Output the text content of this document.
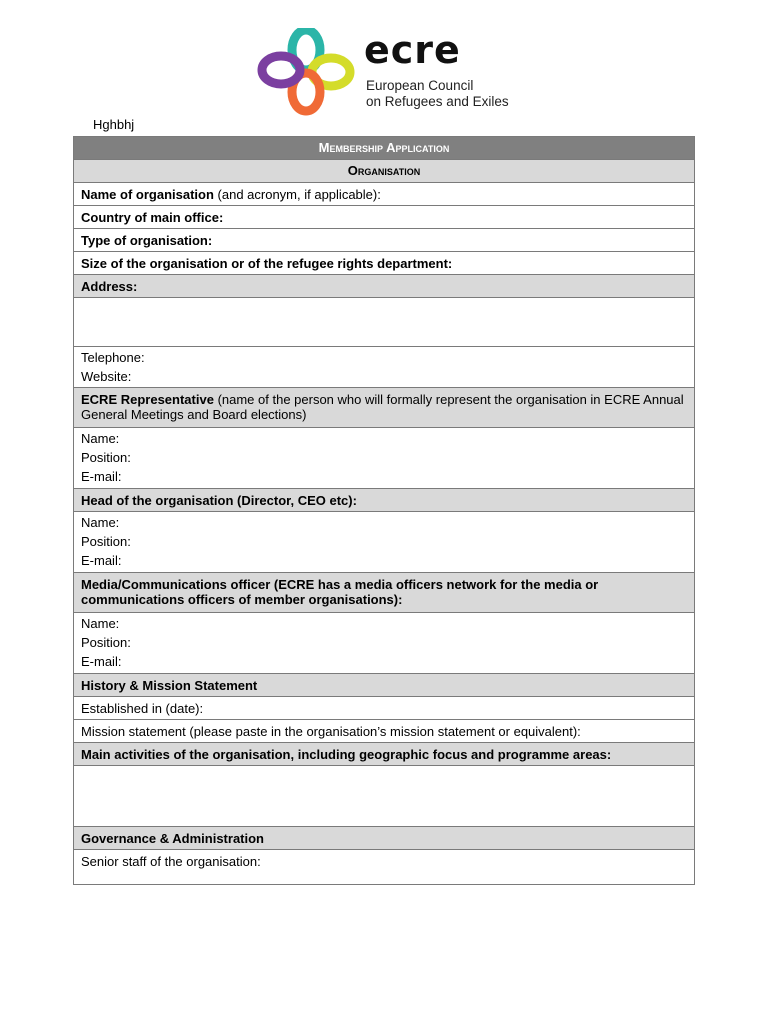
ecre
European Council
on Refugees and Exiles
Hghbhj
Membership Application
Organisation
Name of organisation (and acronym, if applicable):
Country of main office:
Type of organisation:
Size of the organisation or of the refugee rights department:
Address:

Telephone:
Website:

ECRE Representative (name of the person who will formally represent the organisation in ECRE Annual General Meetings and Board elections)

Name:
Position:
E-mail:

Head of the organisation (Director, CEO etc):

Name:
Position:
E-mail:

Media/Communications officer (ECRE has a media officers network for the media or communications officers of member organisations):

Name:
Position:
E-mail:

History & Mission Statement
Established in (date):
Mission statement (please paste in the organisation’s mission statement or equivalent):
Main activities of the organisation, including geographic focus and programme areas:

Governance & Administration
Senior staff of the organisation:
